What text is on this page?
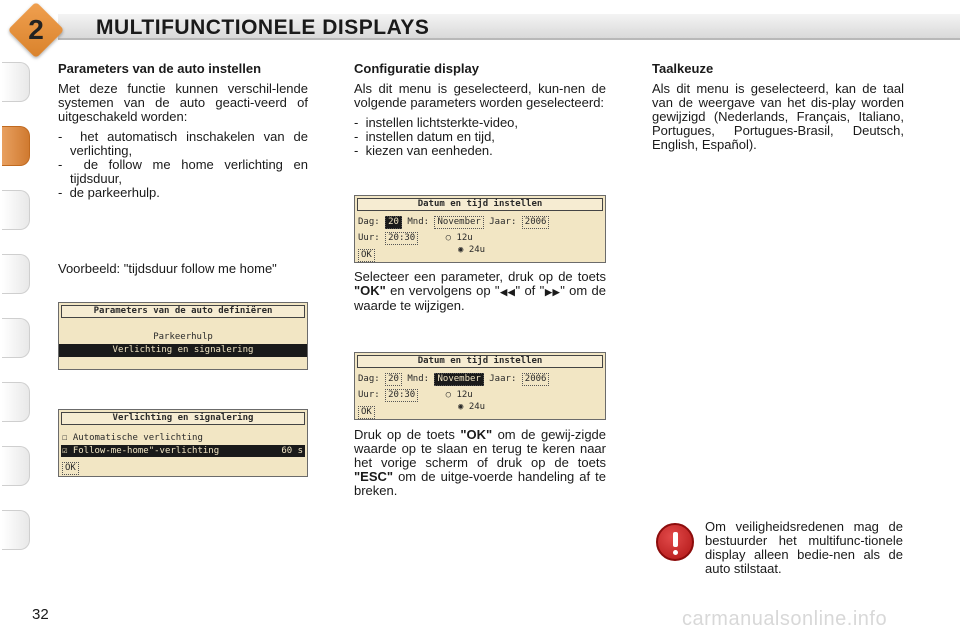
2	MULTIFUNCTIONELE DISPLAYS
Parameters van de auto instellen
Met deze functie kunnen verschil-lende systemen van de auto geacti-veerd of uitgeschakeld worden:
-  het automatisch inschakelen van de verlichting,
-  de follow me home verlichting en tijdsduur,
-  de parkeerhulp.
Voorbeeld: "tijdsduur follow me home"
Parameters van de auto definiëren
Parkeerhulp
Verlichting en signalering
Verlichting en signalering
☐ Automatische verlichting
☑ Follow-me-home"-verlichting	60 s
OK
Configuratie display
Als dit menu is geselecteerd, kun-nen de volgende parameters worden geselecteerd:
-  instellen lichtsterkte-video,
-  instellen datum en tijd,
-  kiezen van eenheden.
Datum en tijd instellen
Dag: 20 Mnd: November Jaar: 2006
Uur: 20:30	○ 12u
◉ 24u
OK
Selecteer een parameter, druk op de toets "OK" en vervolgens op "◀◀" of "▶▶" om de waarde te wijzigen.
Datum en tijd instellen
Dag: 20 Mnd: November Jaar: 2006
Uur: 20:30	○ 12u
◉ 24u
OK
Druk op de toets "OK" om de gewij-zigde waarde op te slaan en terug te keren naar het vorige scherm of druk op de toets "ESC" om de uitge-voerde handeling af te breken.
Taalkeuze
Als dit menu is geselecteerd, kan de taal van de weergave van het dis-play worden gewijzigd (Nederlands, Français, Italiano, Portugues, Portugues-Brasil, Deutsch, English, Español).
Om veiligheidsredenen mag de bestuurder het multifunc-tionele display alleen bedie-nen als de auto stilstaat.
32	carmanualsonline.info
